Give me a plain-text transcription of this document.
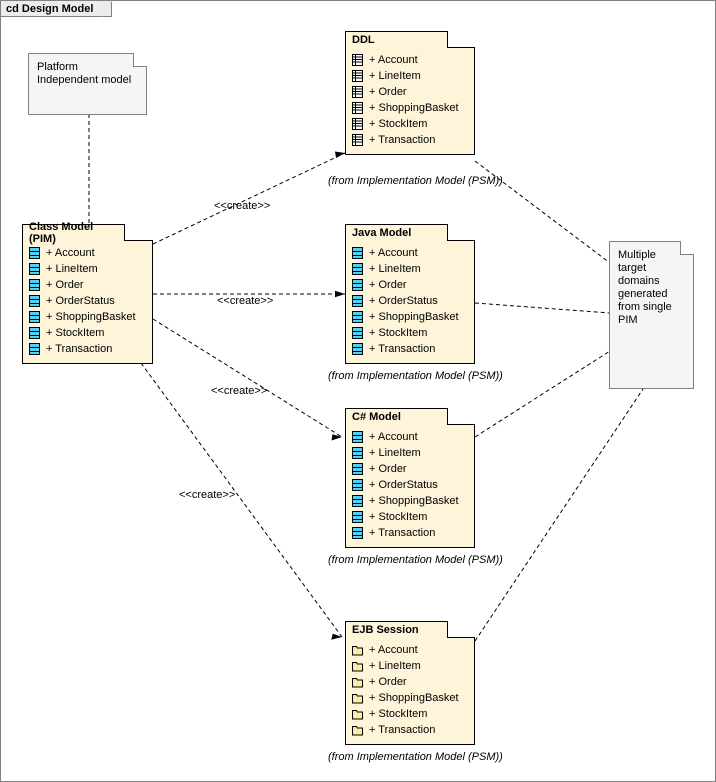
cd Design Model
Platform Independent model
Multiple target domains generated from single PIM
Class Model (PIM)
+ Account
+ LineItem
+ Order
+ OrderStatus
+ ShoppingBasket
+ StockItem
+ Transaction
DDL
+ Account
+ LineItem
+ Order
+ ShoppingBasket
+ StockItem
+ Transaction
(from Implementation Model (PSM))
Java Model
+ Account
+ LineItem
+ Order
+ OrderStatus
+ ShoppingBasket
+ StockItem
+ Transaction
(from Implementation Model (PSM))
C# Model
+ Account
+ LineItem
+ Order
+ OrderStatus
+ ShoppingBasket
+ StockItem
+ Transaction
(from Implementation Model (PSM))
EJB Session
+ Account
+ LineItem
+ Order
+ ShoppingBasket
+ StockItem
+ Transaction
(from Implementation Model (PSM))
<<create>>
<<create>>
<<create>>
<<create>>
